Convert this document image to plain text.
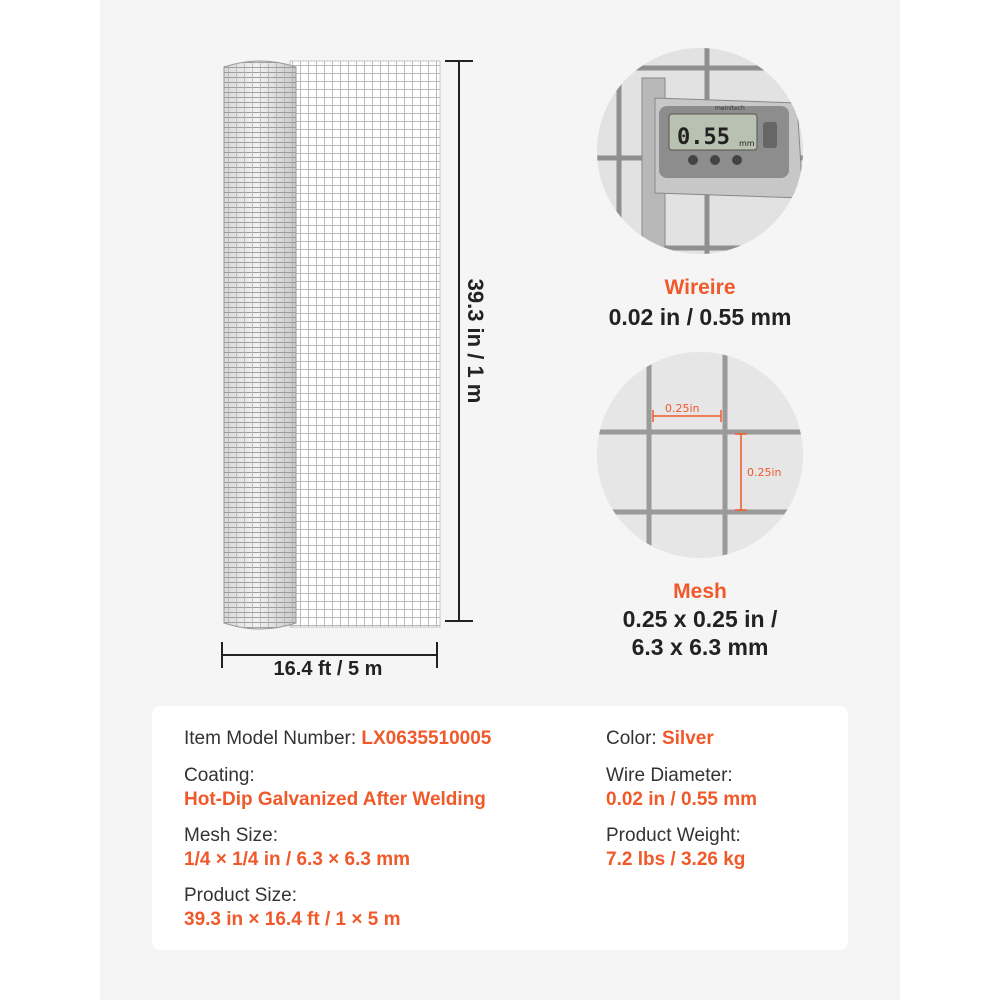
39.3 in / 1 m
16.4 ft / 5 m
0.55 mm
meinitech
Wireire
0.02 in / 0.55 mm
0.25in
0.25in
Mesh
0.25 x 0.25 in /
6.3 x 6.3 mm
Item Model Number: LX0635510005
Coating:
Hot-Dip Galvanized After Welding
Mesh Size:
1/4 × 1/4 in / 6.3 × 6.3 mm
Product Size:
39.3 in × 16.4 ft / 1 × 5 m
Color: Silver
Wire Diameter:
0.02 in / 0.55 mm
Product Weight:
7.2 lbs / 3.26 kg
